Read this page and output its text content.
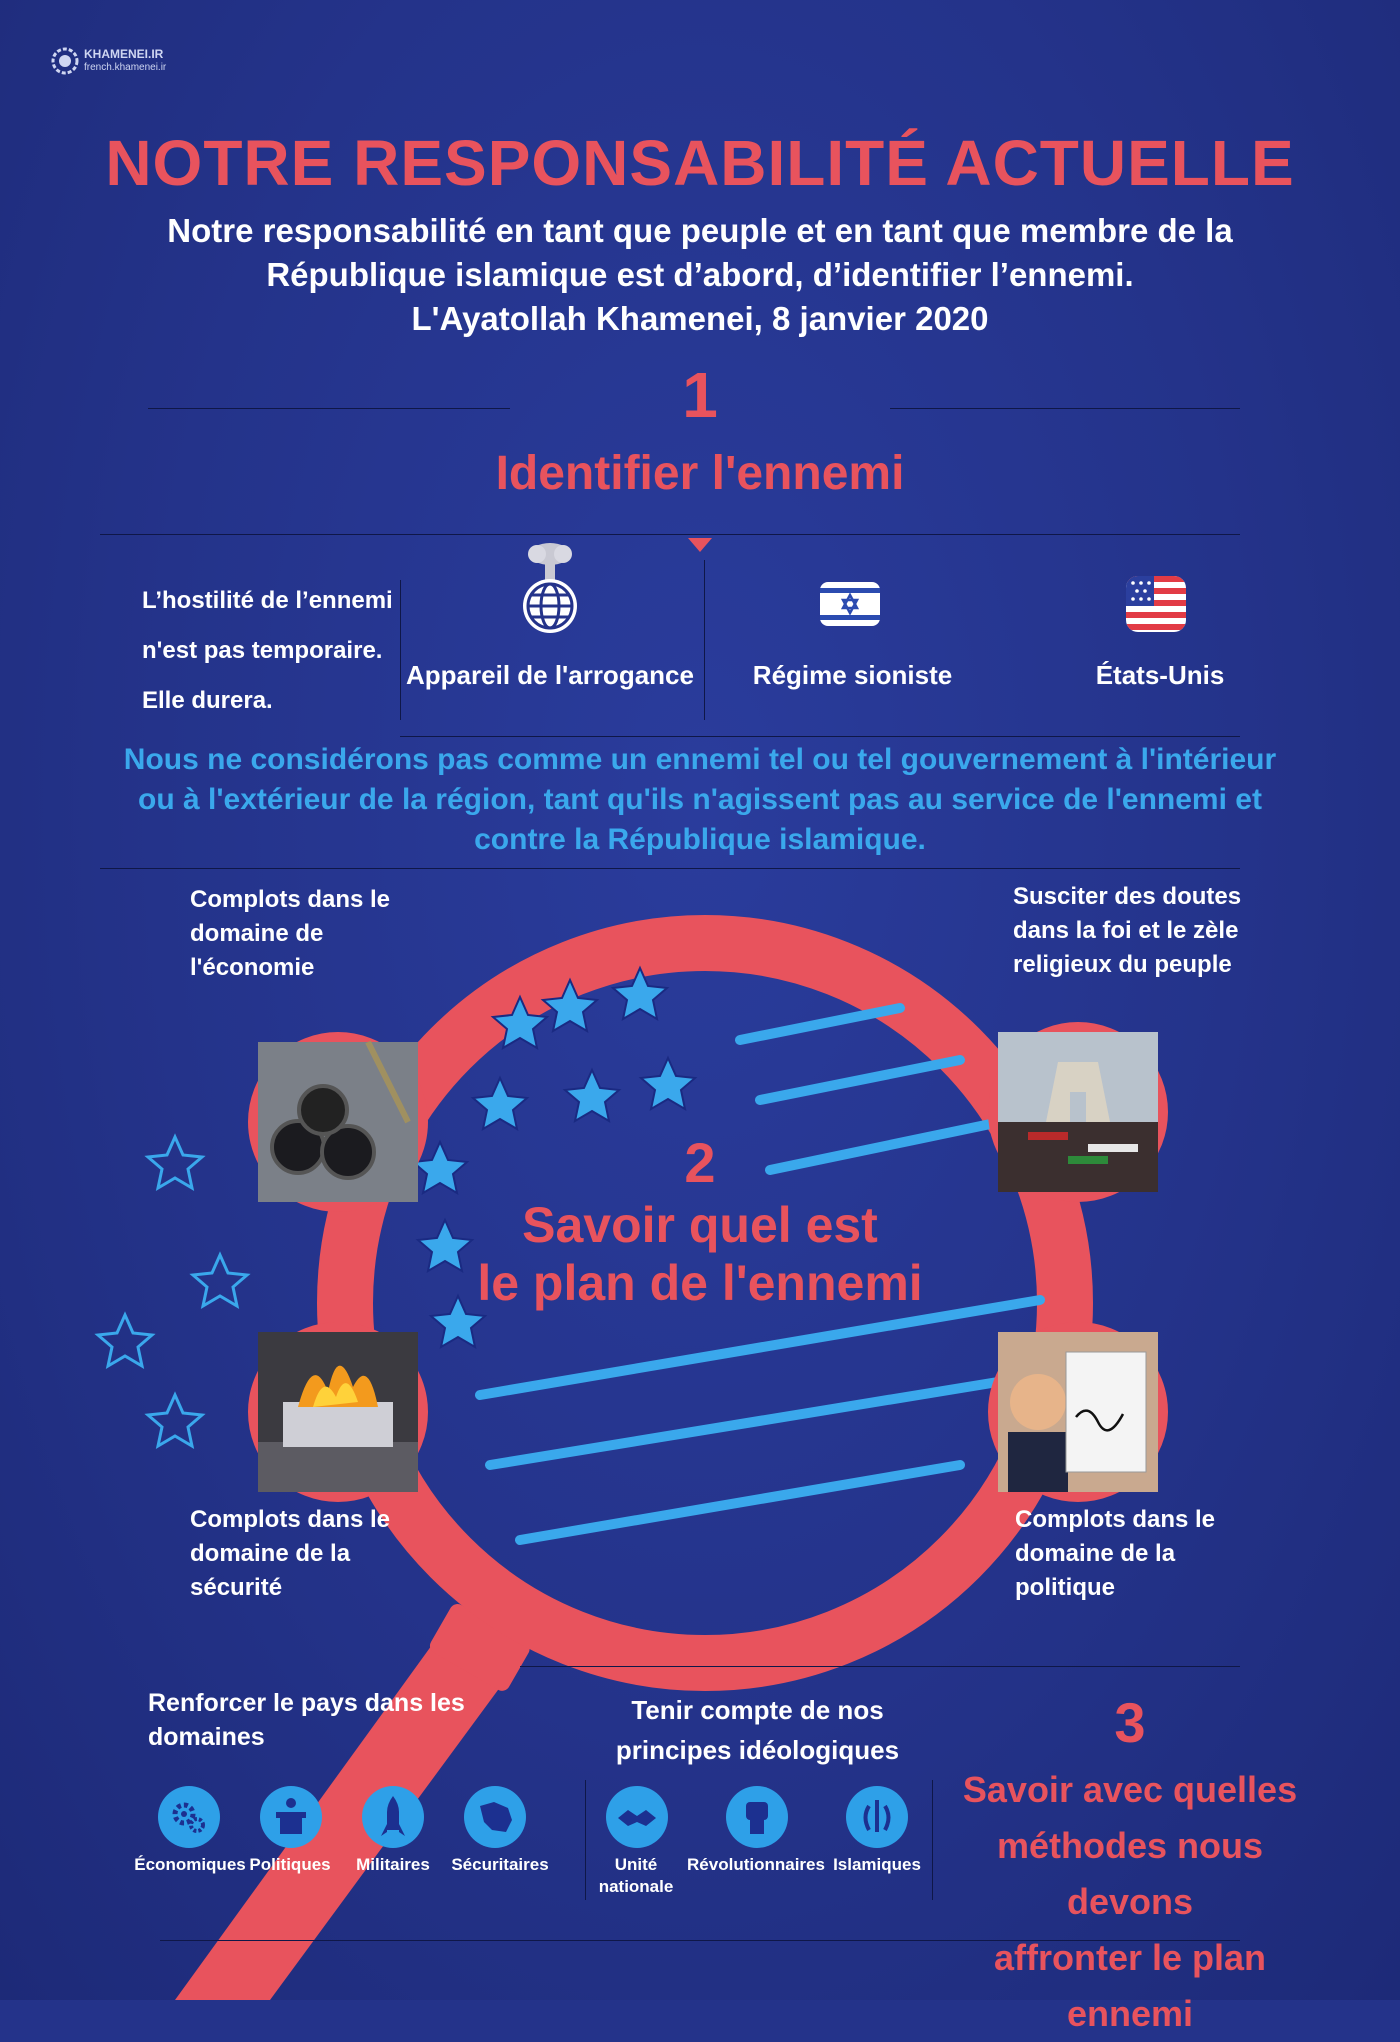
KHAMENEI.IR
french.khamenei.ir
NOTRE RESPONSABILITÉ ACTUELLE
Notre responsabilité en tant que peuple et en tant que membre de la
République islamique est d’abord, d’identifier l’ennemi.
L'Ayatollah Khamenei, 8 janvier 2020
1
Identifier l'ennemi
L’hostilité de l’ennemi
n'est pas temporaire.
Elle durera.
Appareil de l'arrogance	Régime sioniste	États-Unis
Nous ne considérons pas comme un ennemi tel ou tel gouvernement à l'intérieur
ou à l'extérieur de la région, tant qu'ils n'agissent pas au service de l'ennemi et
contre la République islamique.
2
Savoir quel est
le plan de l'ennemi
Complots dans le
domaine de
l'économie
Susciter des doutes
dans la foi et le zèle
religieux du peuple
Complots dans le
domaine de la
sécurité
Complots dans le
domaine de la
politique
Renforcer le pays dans les domaines
Économiques Politiques	Militaires	Sécuritaires
Tenir compte de nos
principes idéologiques
Unité
nationale
Révolutionnaires Islamiques
3
Savoir avec quelles
méthodes nous devons
affronter le plan ennemi
